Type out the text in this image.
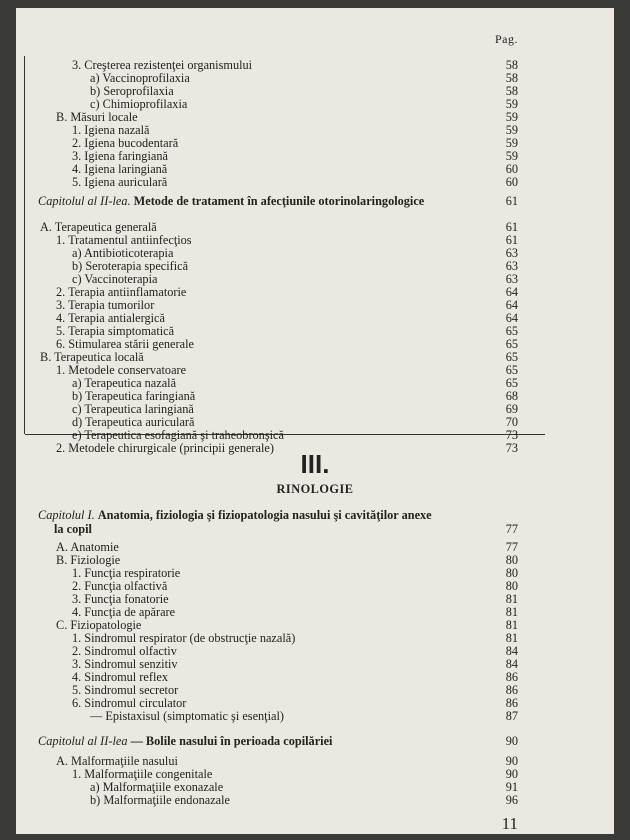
Pag.
3. Creşterea rezistenţei organismului	58
a) Vaccinoprofilaxia	58
b) Seroprofilaxia	58
c) Chimioprofilaxia	59
B. Măsuri locale	59
1. Igiena nazală	59
2. Igiena bucodentară	59
3. Igiena faringiană	59
4. Igiena laringiană	60
5. Igiena auriculară	60
Capitolul al II-lea. Metode de tratament în afecţiunile otorinolaringologice	61
A. Terapeutica generală	61
1. Tratamentul antiinfecţios	61
a) Antibioticoterapia	63
b) Seroterapia specifică	63
c) Vaccinoterapia	63
2. Terapia antiinflamatorie	64
3. Terapia tumorilor	64
4. Terapia antialergică	64
5. Terapia simptomatică	65
6. Stimularea stării generale	65
B. Terapeutica locală	65
1. Metodele conservatoare	65
a) Terapeutica nazală	65
b) Terapeutica faringiană	68
c) Terapeutica laringiană	69
d) Terapeutica auriculară	70
e) Terapeutica esofagiană şi traheobronşică	73
2. Metodele chirurgicale (principii generale)	73
III.
RINOLOGIE
Capitolul I. Anatomia, fiziologia şi fiziopatologia nasului şi cavităţilor anexe
la copil	77
A. Anatomie	77
B. Fiziologie	80
1. Funcţia respiratorie	80
2. Funcţia olfactivă	80
3. Funcţia fonatorie	81
4. Funcţia de apărare	81
C. Fiziopatologie	81
1. Sindromul respirator (de obstrucţie nazală)	81
2. Sindromul olfactiv	84
3. Sindromul senzitiv	84
4. Sindromul reflex	86
5. Sindromul secretor	86
6. Sindromul circulator	86
— Epistaxisul (simptomatic şi esenţial)	87
Capitolul al II-lea — Bolile nasului în perioada copilăriei	90
A. Malformaţiile nasului	90
1. Malformaţiile congenitale	90
a) Malformaţiile exonazale	91
b) Malformaţiile endonazale	96
11
